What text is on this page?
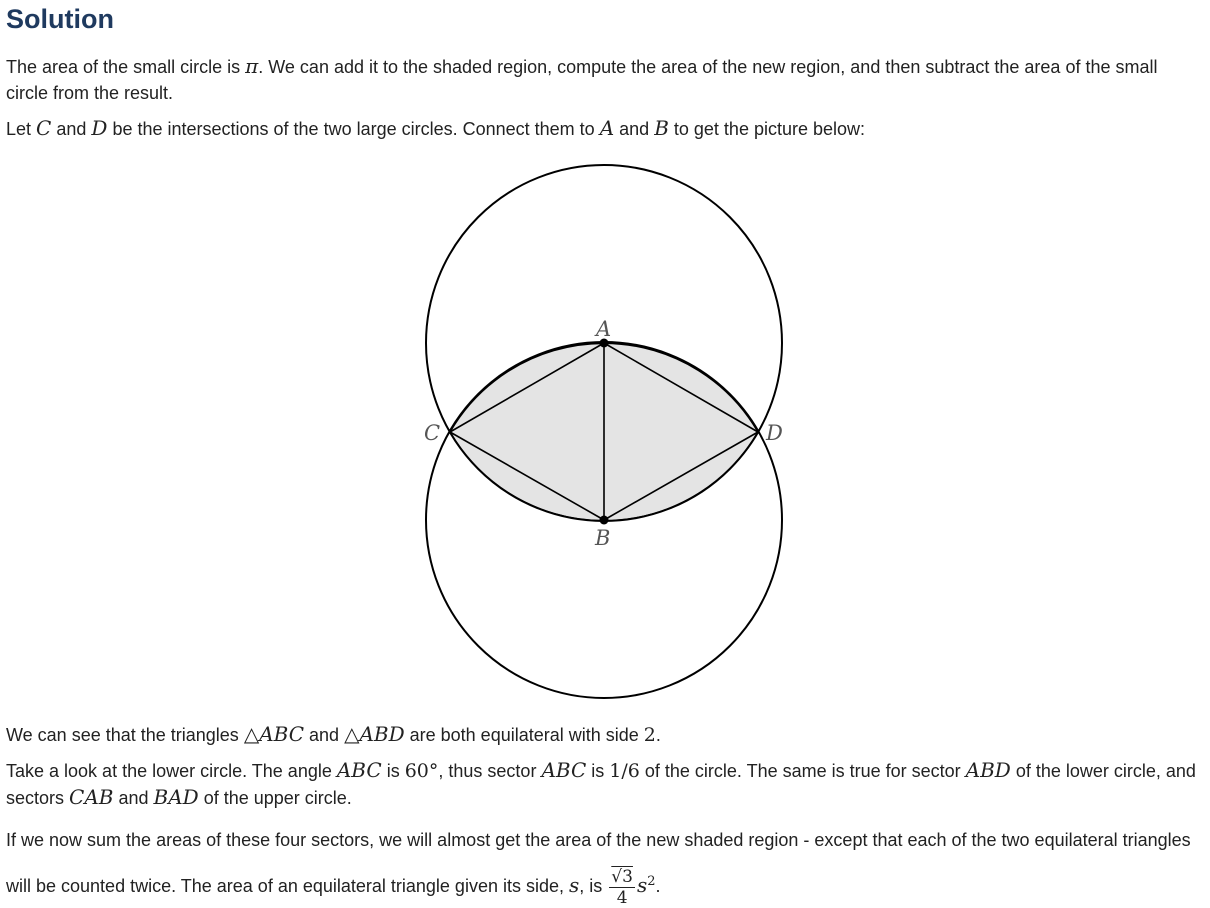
Solution

The area of the small circle is π. We can add it to the shaded region, compute the area of the new region, and then subtract the area of the small circle from the result.

Let C and D be the intersections of the two large circles. Connect them to A and B to get the picture below:

A
B
C	D

We can see that the triangles △ABC and △ABD are both equilateral with side 2.

Take a look at the lower circle. The angle ABC is 60°, thus sector ABC is 1/6 of the circle. The same is true for sector ABD of the lower circle, and sectors CAB and BAD of the upper circle.

If we now sum the areas of these four sectors, we will almost get the area of the new shaded region - except that each of the two equilateral triangles will be counted twice. The area of an equilateral triangle given its side, s, is $\frac{√3}{4} s^2$.
